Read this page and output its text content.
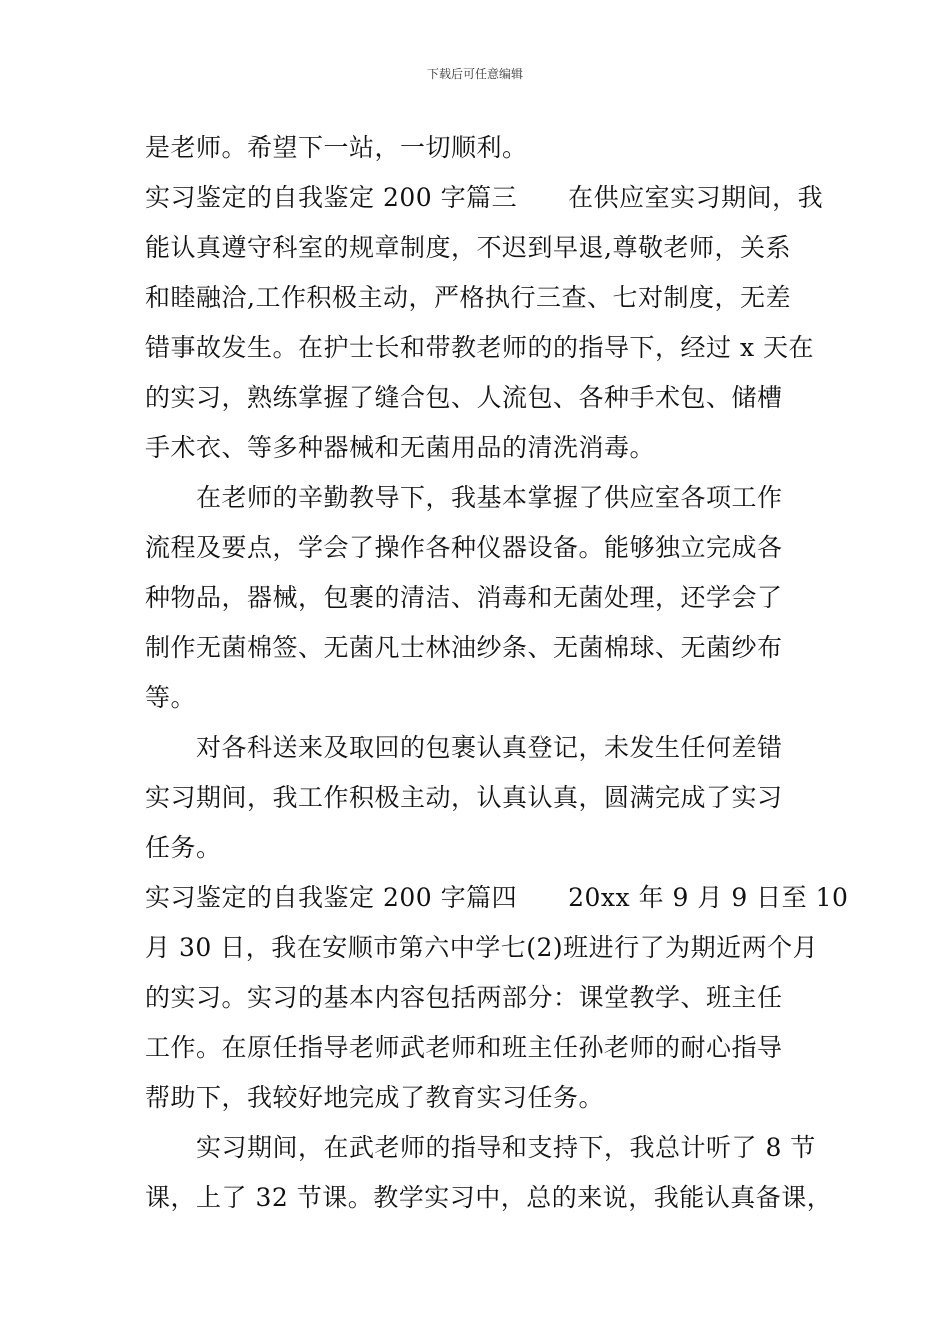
下载后可任意编辑
是老师。希望下一站，一切顺利。
实习鉴定的自我鉴定 200 字篇三　　在供应室实习期间，我
能认真遵守科室的规章制度，不迟到早退,尊敬老师，关系
和睦融洽,工作积极主动，严格执行三查、七对制度，无差
错事故发生。在护士长和带教老师的的指导下，经过 x 天在
的实习，熟练掌握了缝合包、人流包、各种手术包、储槽
手术衣、等多种器械和无菌用品的清洗消毒。
在老师的辛勤教导下，我基本掌握了供应室各项工作
流程及要点，学会了操作各种仪器设备。能够独立完成各
种物品，器械，包裹的清洁、消毒和无菌处理，还学会了
制作无菌棉签、无菌凡士林油纱条、无菌棉球、无菌纱布
等。
对各科送来及取回的包裹认真登记，未发生任何差错
实习期间，我工作积极主动，认真认真，圆满完成了实习
任务。
实习鉴定的自我鉴定 200 字篇四　　20xx 年 9 月 9 日至 10
月 30 日，我在安顺市第六中学七(2)班进行了为期近两个月
的实习。实习的基本内容包括两部分：课堂教学、班主任
工作。在原任指导老师武老师和班主任孙老师的耐心指导
帮助下，我较好地完成了教育实习任务。
实习期间，在武老师的指导和支持下，我总计听了 8 节
课，上了 32 节课。教学实习中，总的来说，我能认真备课，
